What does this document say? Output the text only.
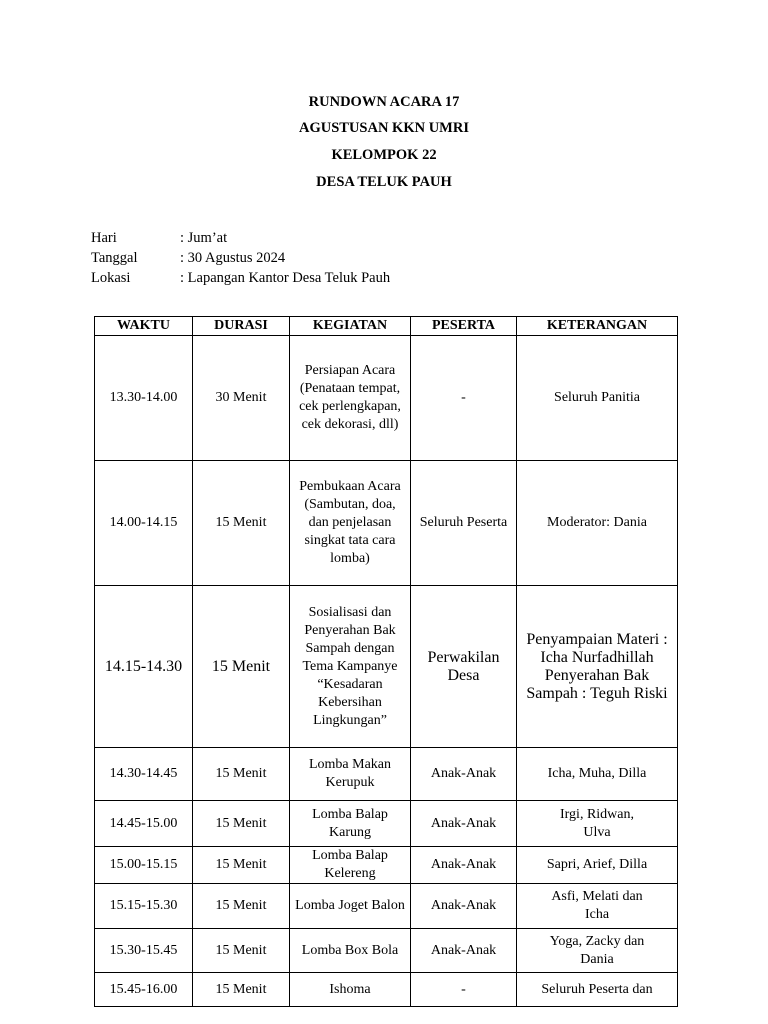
RUNDOWN ACARA 17
AGUSTUSAN KKN UMRI
KELOMPOK 22
DESA TELUK PAUH
Hari	: Jum’at
Tanggal	: 30 Agustus 2024
Lokasi	: Lapangan Kantor Desa Teluk Pauh
WAKTU	DURASI	KEGIATAN	PESERTA	KETERANGAN
13.30-14.00	30 Menit	Persiapan Acara (Penataan tempat, cek perlengkapan, cek dekorasi, dll)	-	Seluruh Panitia
14.00-14.15	15 Menit	Pembukaan Acara (Sambutan, doa, dan penjelasan singkat tata cara lomba)	Seluruh Peserta	Moderator: Dania
14.15-14.30	15 Menit	Sosialisasi dan Penyerahan Bak Sampah dengan Tema Kampanye “Kesadaran Kebersihan Lingkungan”	Perwakilan Desa	Penyampaian Materi : Icha Nurfadhillah Penyerahan Bak Sampah : Teguh Riski
14.30-14.45	15 Menit	Lomba Makan Kerupuk	Anak-Anak	Icha, Muha, Dilla
14.45-15.00	15 Menit	Lomba Balap Karung	Anak-Anak	Irgi, Ridwan, Ulva
15.00-15.15	15 Menit	Lomba Balap Kelereng	Anak-Anak	Sapri, Arief, Dilla
15.15-15.30	15 Menit	Lomba Joget Balon	Anak-Anak	Asfi, Melati dan Icha
15.30-15.45	15 Menit	Lomba Box Bola	Anak-Anak	Yoga, Zacky dan Dania
15.45-16.00	15 Menit	Ishoma	-	Seluruh Peserta dan
